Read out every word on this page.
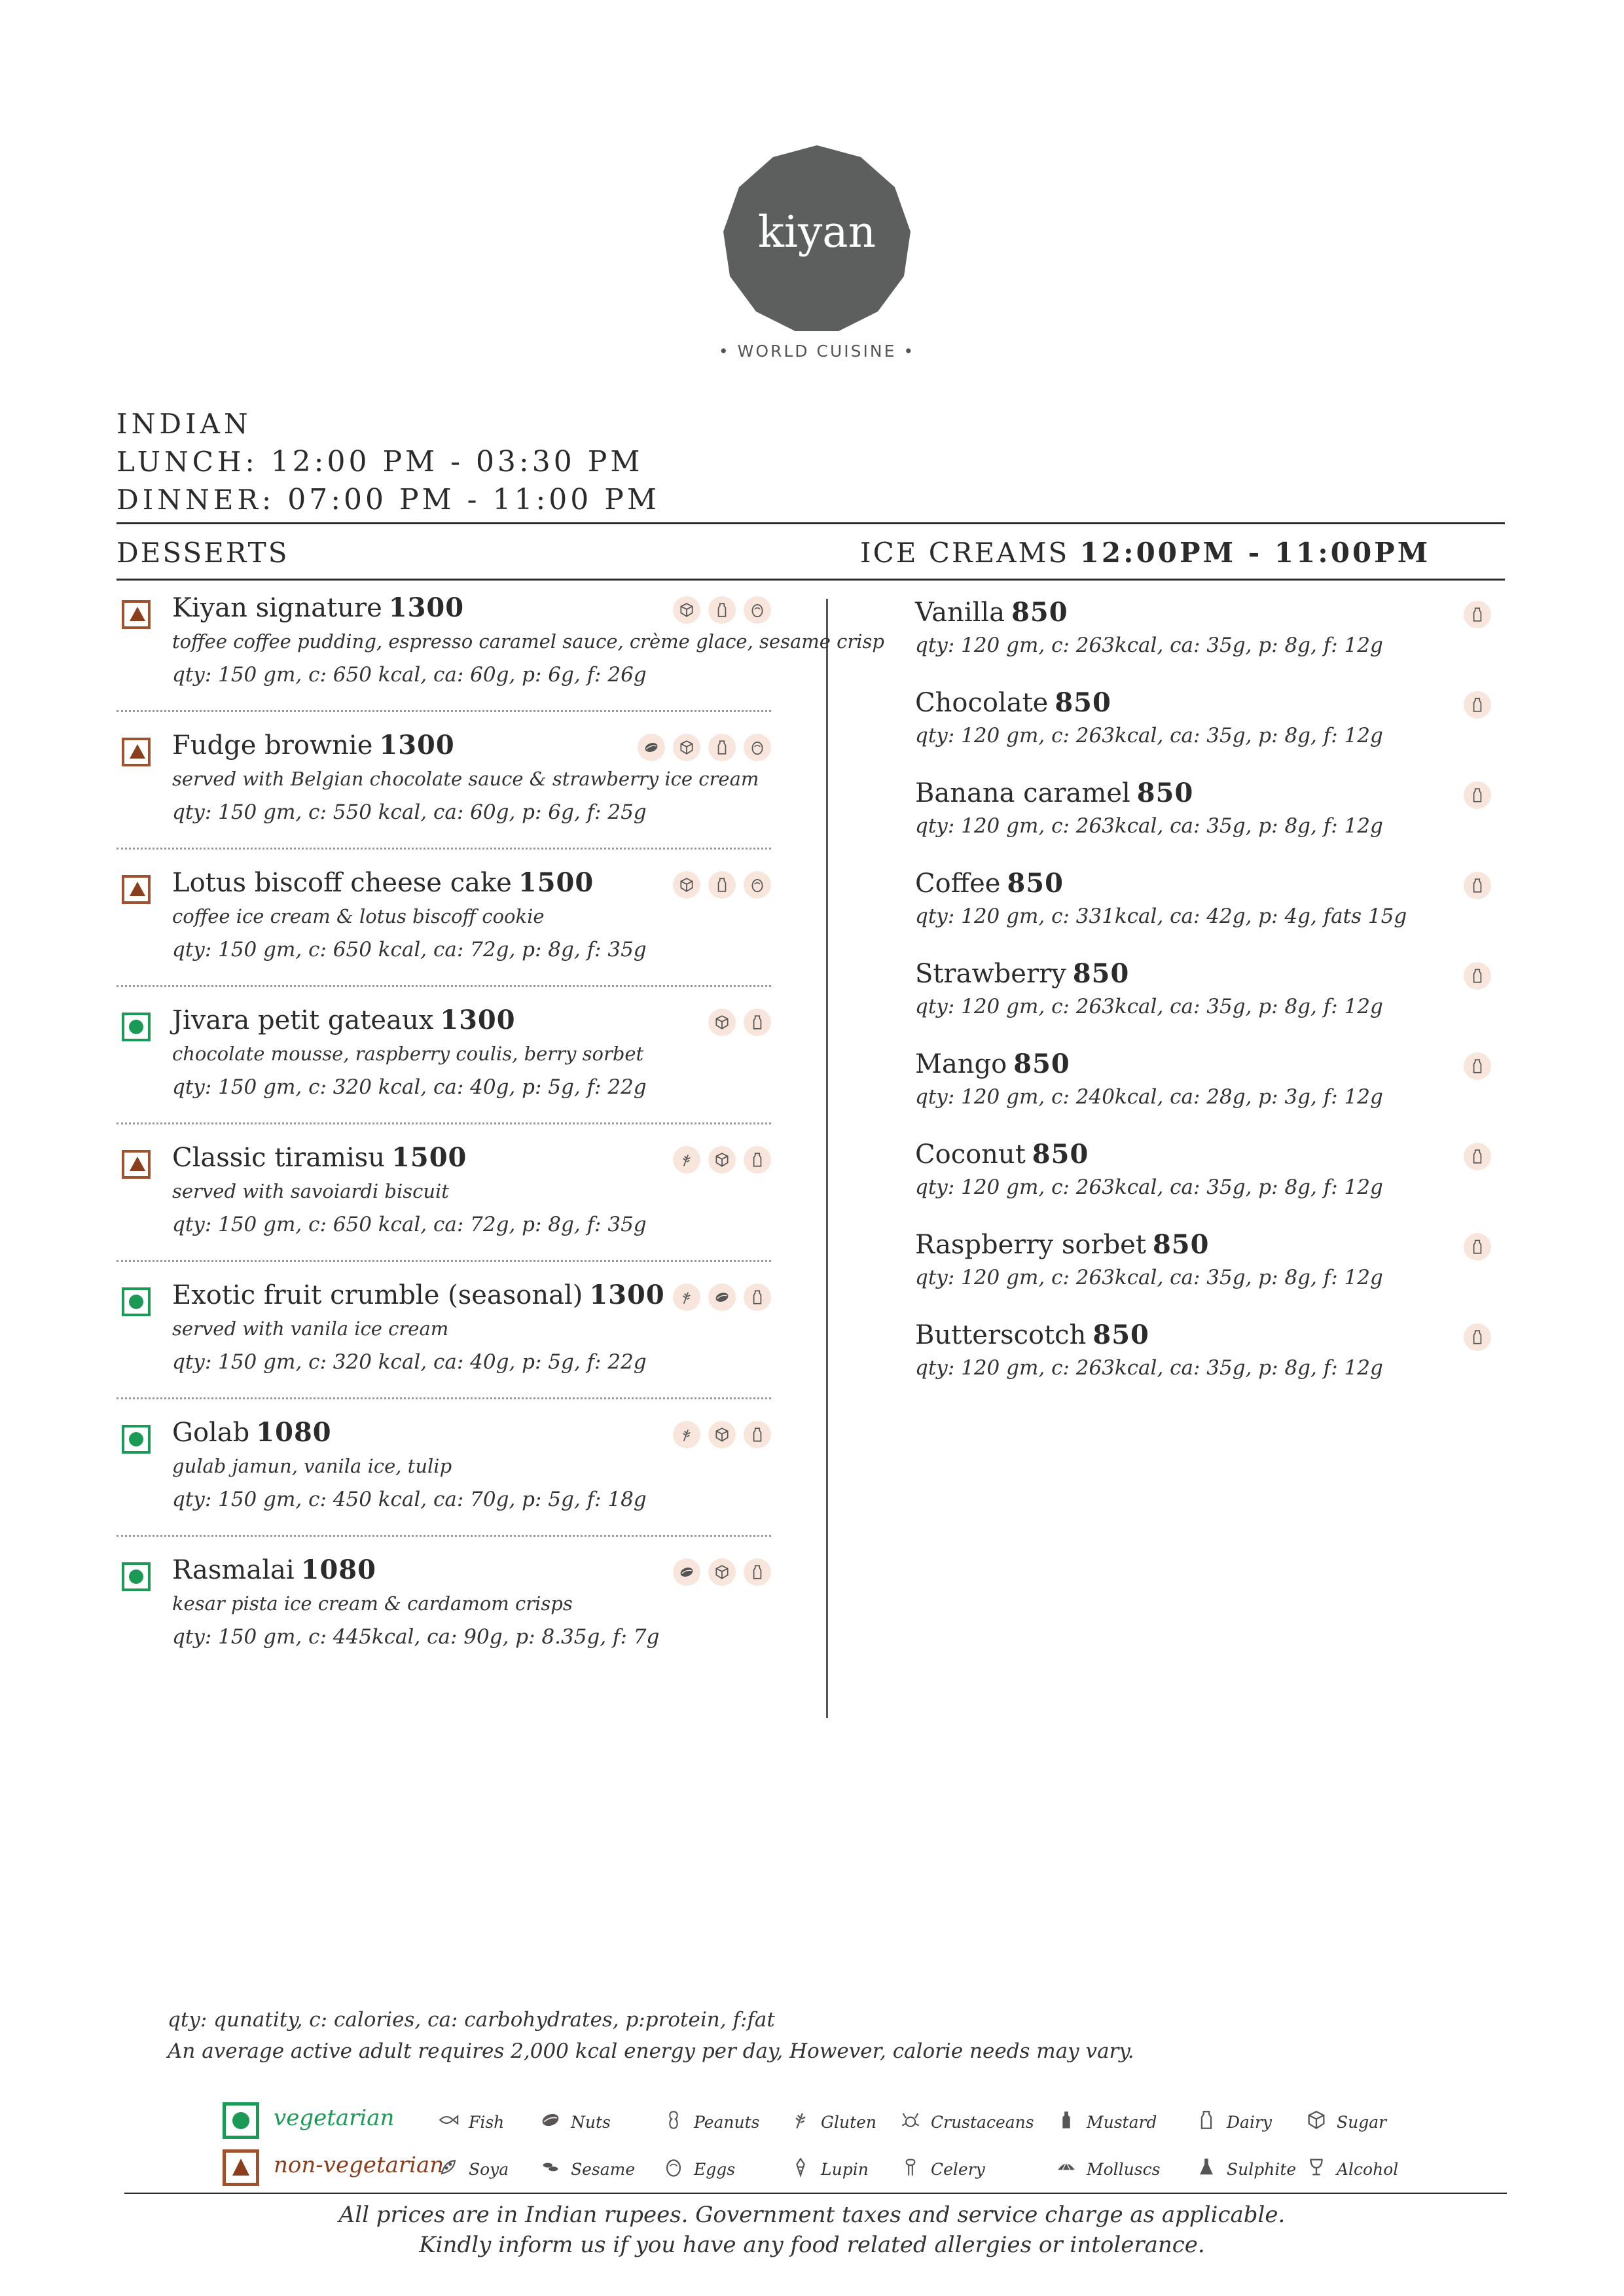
kiyan
• WORLD CUISINE •
INDIAN
LUNCH: 12:00 PM - 03:30 PM
DINNER: 07:00 PM - 11:00 PM
DESSERTS	ICE CREAMS 12:00PM - 11:00PM
Kiyan signature 1300
toffee coffee pudding, espresso caramel sauce, crème glace, sesame crisp
qty: 150 gm, c: 650 kcal, ca: 60g, p: 6g, f: 26g
Fudge brownie 1300
served with Belgian chocolate sauce & strawberry ice cream
qty: 150 gm, c: 550 kcal, ca: 60g, p: 6g, f: 25g
Lotus biscoff cheese cake 1500
coffee ice cream & lotus biscoff cookie
qty: 150 gm, c: 650 kcal, ca: 72g, p: 8g, f: 35g
Jivara petit gateaux 1300
chocolate mousse, raspberry coulis, berry sorbet
qty: 150 gm, c: 320 kcal, ca: 40g, p: 5g, f: 22g
Classic tiramisu 1500
served with savoiardi biscuit
qty: 150 gm, c: 650 kcal, ca: 72g, p: 8g, f: 35g
Exotic fruit crumble (seasonal) 1300
served with vanila ice cream
qty: 150 gm, c: 320 kcal, ca: 40g, p: 5g, f: 22g
Golab 1080
gulab jamun, vanila ice, tulip
qty: 150 gm, c: 450 kcal, ca: 70g, p: 5g, f: 18g
Rasmalai 1080
kesar pista ice cream & cardamom crisps
qty: 150 gm, c: 445kcal, ca: 90g, p: 8.35g, f: 7g
Vanilla 850
qty: 120 gm, c: 263kcal, ca: 35g, p: 8g, f: 12g
Chocolate 850
qty: 120 gm, c: 263kcal, ca: 35g, p: 8g, f: 12g
Banana caramel 850
qty: 120 gm, c: 263kcal, ca: 35g, p: 8g, f: 12g
Coffee 850
qty: 120 gm, c: 331kcal, ca: 42g, p: 4g, fats 15g
Strawberry 850
qty: 120 gm, c: 263kcal, ca: 35g, p: 8g, f: 12g
Mango 850
qty: 120 gm, c: 240kcal, ca: 28g, p: 3g, f: 12g
Coconut 850
qty: 120 gm, c: 263kcal, ca: 35g, p: 8g, f: 12g
Raspberry sorbet 850
qty: 120 gm, c: 263kcal, ca: 35g, p: 8g, f: 12g
Butterscotch 850
qty: 120 gm, c: 263kcal, ca: 35g, p: 8g, f: 12g
qty: qunatity, c: calories, ca: carbohydrates, p:protein, f:fat
An average active adult requires 2,000 kcal energy per day, However, calorie needs may vary.
vegetarian
non-vegetarian
Fish	Nuts	Peanuts	Gluten	Crustaceans	Mustard	Dairy	Sugar
Soya	Sesame	Eggs	Lupin	Celery	Molluscs	Sulphite Alcohol
All prices are in Indian rupees. Government taxes and service charge as applicable.
Kindly inform us if you have any food related allergies or intolerance.
